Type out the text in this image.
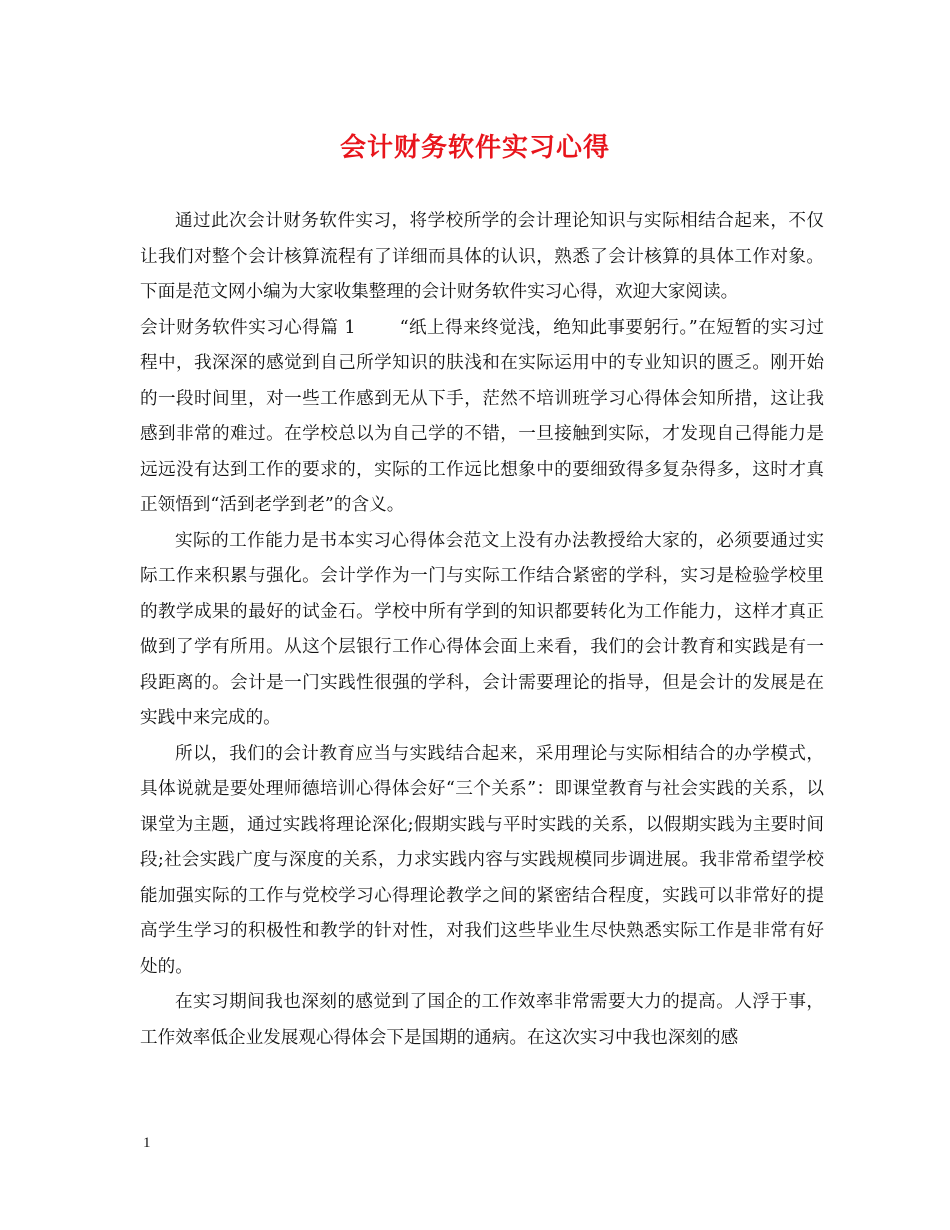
会计财务软件实习心得

通过此次会计财务软件实习，将学校所学的会计理论知识与实际相结合起来，不仅让我们对整个会计核算流程有了详细而具体的认识，熟悉了会计核算的具体工作对象。下面是范文网小编为大家收集整理的会计财务软件实习心得，欢迎大家阅读。

会计财务软件实习心得篇 1	“纸上得来终觉浅，绝知此事要躬行。”在短暂的实习过程中，我深深的感觉到自己所学知识的肤浅和在实际运用中的专业知识的匮乏。刚开始的一段时间里，对一些工作感到无从下手，茫然不培训班学习心得体会知所措，这让我感到非常的难过。在学校总以为自己学的不错，一旦接触到实际，才发现自己得能力是远远没有达到工作的要求的，实际的工作远比想象中的要细致得多复杂得多，这时才真正领悟到“活到老学到老”的含义。

实际的工作能力是书本实习心得体会范文上没有办法教授给大家的，必须要通过实际工作来积累与强化。会计学作为一门与实际工作结合紧密的学科，实习是检验学校里的教学成果的最好的试金石。学校中所有学到的知识都要转化为工作能力，这样才真正做到了学有所用。从这个层银行工作心得体会面上来看，我们的会计教育和实践是有一段距离的。会计是一门实践性很强的学科，会计需要理论的指导，但是会计的发展是在实践中来完成的。

所以，我们的会计教育应当与实践结合起来，采用理论与实际相结合的办学模式，具体说就是要处理师德培训心得体会好“三个关系”：即课堂教育与社会实践的关系，以课堂为主题，通过实践将理论深化;假期实践与平时实践的关系，以假期实践为主要时间段;社会实践广度与深度的关系，力求实践内容与实践规模同步调进展。我非常希望学校能加强实际的工作与党校学习心得理论教学之间的紧密结合程度，实践可以非常好的提高学生学习的积极性和教学的针对性，对我们这些毕业生尽快熟悉实际工作是非常有好处的。

在实习期间我也深刻的感觉到了国企的工作效率非常需要大力的提高。人浮于事，工作效率低企业发展观心得体会下是国期的通病。在这次实习中我也深刻的感

1
